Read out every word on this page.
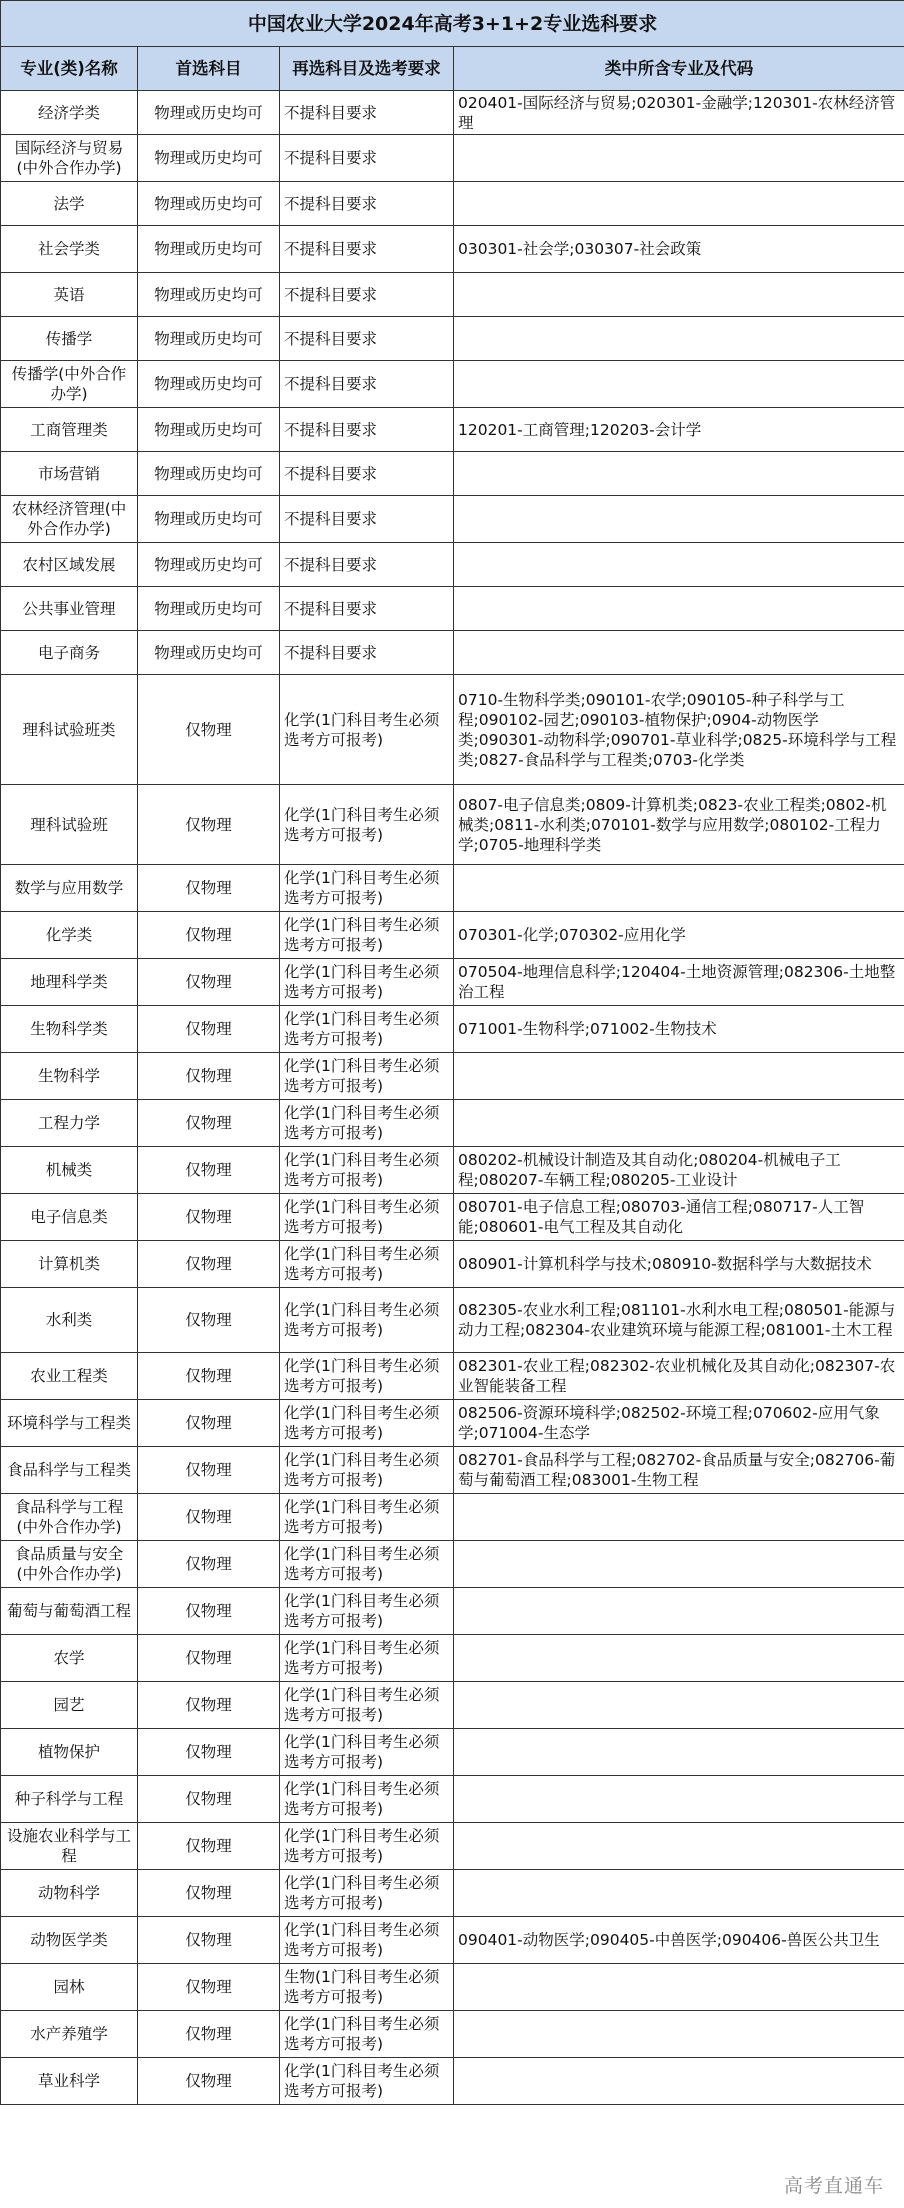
中国农业大学2024年高考3+1+2专业选科要求			
专业(类)名称	首选科目	再选科目及选考要求	类中所含专业及代码
经济学类	物理或历史均可	不提科目要求	020401-国际经济与贸易;020301-金融学;120301-农林经济管理
国际经济与贸易(中外合作办学)	物理或历史均可	不提科目要求	
法学	物理或历史均可	不提科目要求	
社会学类	物理或历史均可	不提科目要求	030301-社会学;030307-社会政策
英语	物理或历史均可	不提科目要求	
传播学	物理或历史均可	不提科目要求	
传播学(中外合作办学)	物理或历史均可	不提科目要求	
工商管理类	物理或历史均可	不提科目要求	120201-工商管理;120203-会计学
市场营销	物理或历史均可	不提科目要求	
农林经济管理(中外合作办学)	物理或历史均可	不提科目要求	
农村区域发展	物理或历史均可	不提科目要求	
公共事业管理	物理或历史均可	不提科目要求	
电子商务	物理或历史均可	不提科目要求	
理科试验班类	仅物理	化学(1门科目考生必须选考方可报考)	0710-生物科学类;090101-农学;090105-种子科学与工程;090102-园艺;090103-植物保护;0904-动物医学类;090301-动物科学;090701-草业科学;0825-环境科学与工程类;0827-食品科学与工程类;0703-化学类
理科试验班	仅物理	化学(1门科目考生必须选考方可报考)	0807-电子信息类;0809-计算机类;0823-农业工程类;0802-机械类;0811-水利类;070101-数学与应用数学;080102-工程力学;0705-地理科学类
数学与应用数学	仅物理	化学(1门科目考生必须选考方可报考)	
化学类	仅物理	化学(1门科目考生必须选考方可报考)	070301-化学;070302-应用化学
地理科学类	仅物理	化学(1门科目考生必须选考方可报考)	070504-地理信息科学;120404-土地资源管理;082306-土地整治工程
生物科学类	仅物理	化学(1门科目考生必须选考方可报考)	071001-生物科学;071002-生物技术
生物科学	仅物理	化学(1门科目考生必须选考方可报考)	
工程力学	仅物理	化学(1门科目考生必须选考方可报考)	
机械类	仅物理	化学(1门科目考生必须选考方可报考)	080202-机械设计制造及其自动化;080204-机械电子工程;080207-车辆工程;080205-工业设计
电子信息类	仅物理	化学(1门科目考生必须选考方可报考)	080701-电子信息工程;080703-通信工程;080717-人工智能;080601-电气工程及其自动化
计算机类	仅物理	化学(1门科目考生必须选考方可报考)	080901-计算机科学与技术;080910-数据科学与大数据技术
水利类	仅物理	化学(1门科目考生必须选考方可报考)	082305-农业水利工程;081101-水利水电工程;080501-能源与动力工程;082304-农业建筑环境与能源工程;081001-土木工程
农业工程类	仅物理	化学(1门科目考生必须选考方可报考)	082301-农业工程;082302-农业机械化及其自动化;082307-农业智能装备工程
环境科学与工程类	仅物理	化学(1门科目考生必须选考方可报考)	082506-资源环境科学;082502-环境工程;070602-应用气象学;071004-生态学
食品科学与工程类	仅物理	化学(1门科目考生必须选考方可报考)	082701-食品科学与工程;082702-食品质量与安全;082706-葡萄与葡萄酒工程;083001-生物工程
食品科学与工程(中外合作办学)	仅物理	化学(1门科目考生必须选考方可报考)	
食品质量与安全(中外合作办学)	仅物理	化学(1门科目考生必须选考方可报考)	
葡萄与葡萄酒工程	仅物理	化学(1门科目考生必须选考方可报考)	
农学	仅物理	化学(1门科目考生必须选考方可报考)	
园艺	仅物理	化学(1门科目考生必须选考方可报考)	
植物保护	仅物理	化学(1门科目考生必须选考方可报考)	
种子科学与工程	仅物理	化学(1门科目考生必须选考方可报考)	
设施农业科学与工程	仅物理	化学(1门科目考生必须选考方可报考)	
动物科学	仅物理	化学(1门科目考生必须选考方可报考)	
动物医学类	仅物理	化学(1门科目考生必须选考方可报考)	090401-动物医学;090405-中兽医学;090406-兽医公共卫生
园林	仅物理	生物(1门科目考生必须选考方可报考)	
水产养殖学	仅物理	化学(1门科目考生必须选考方可报考)	
草业科学	仅物理	化学(1门科目考生必须选考方可报考)	
高考直通车
